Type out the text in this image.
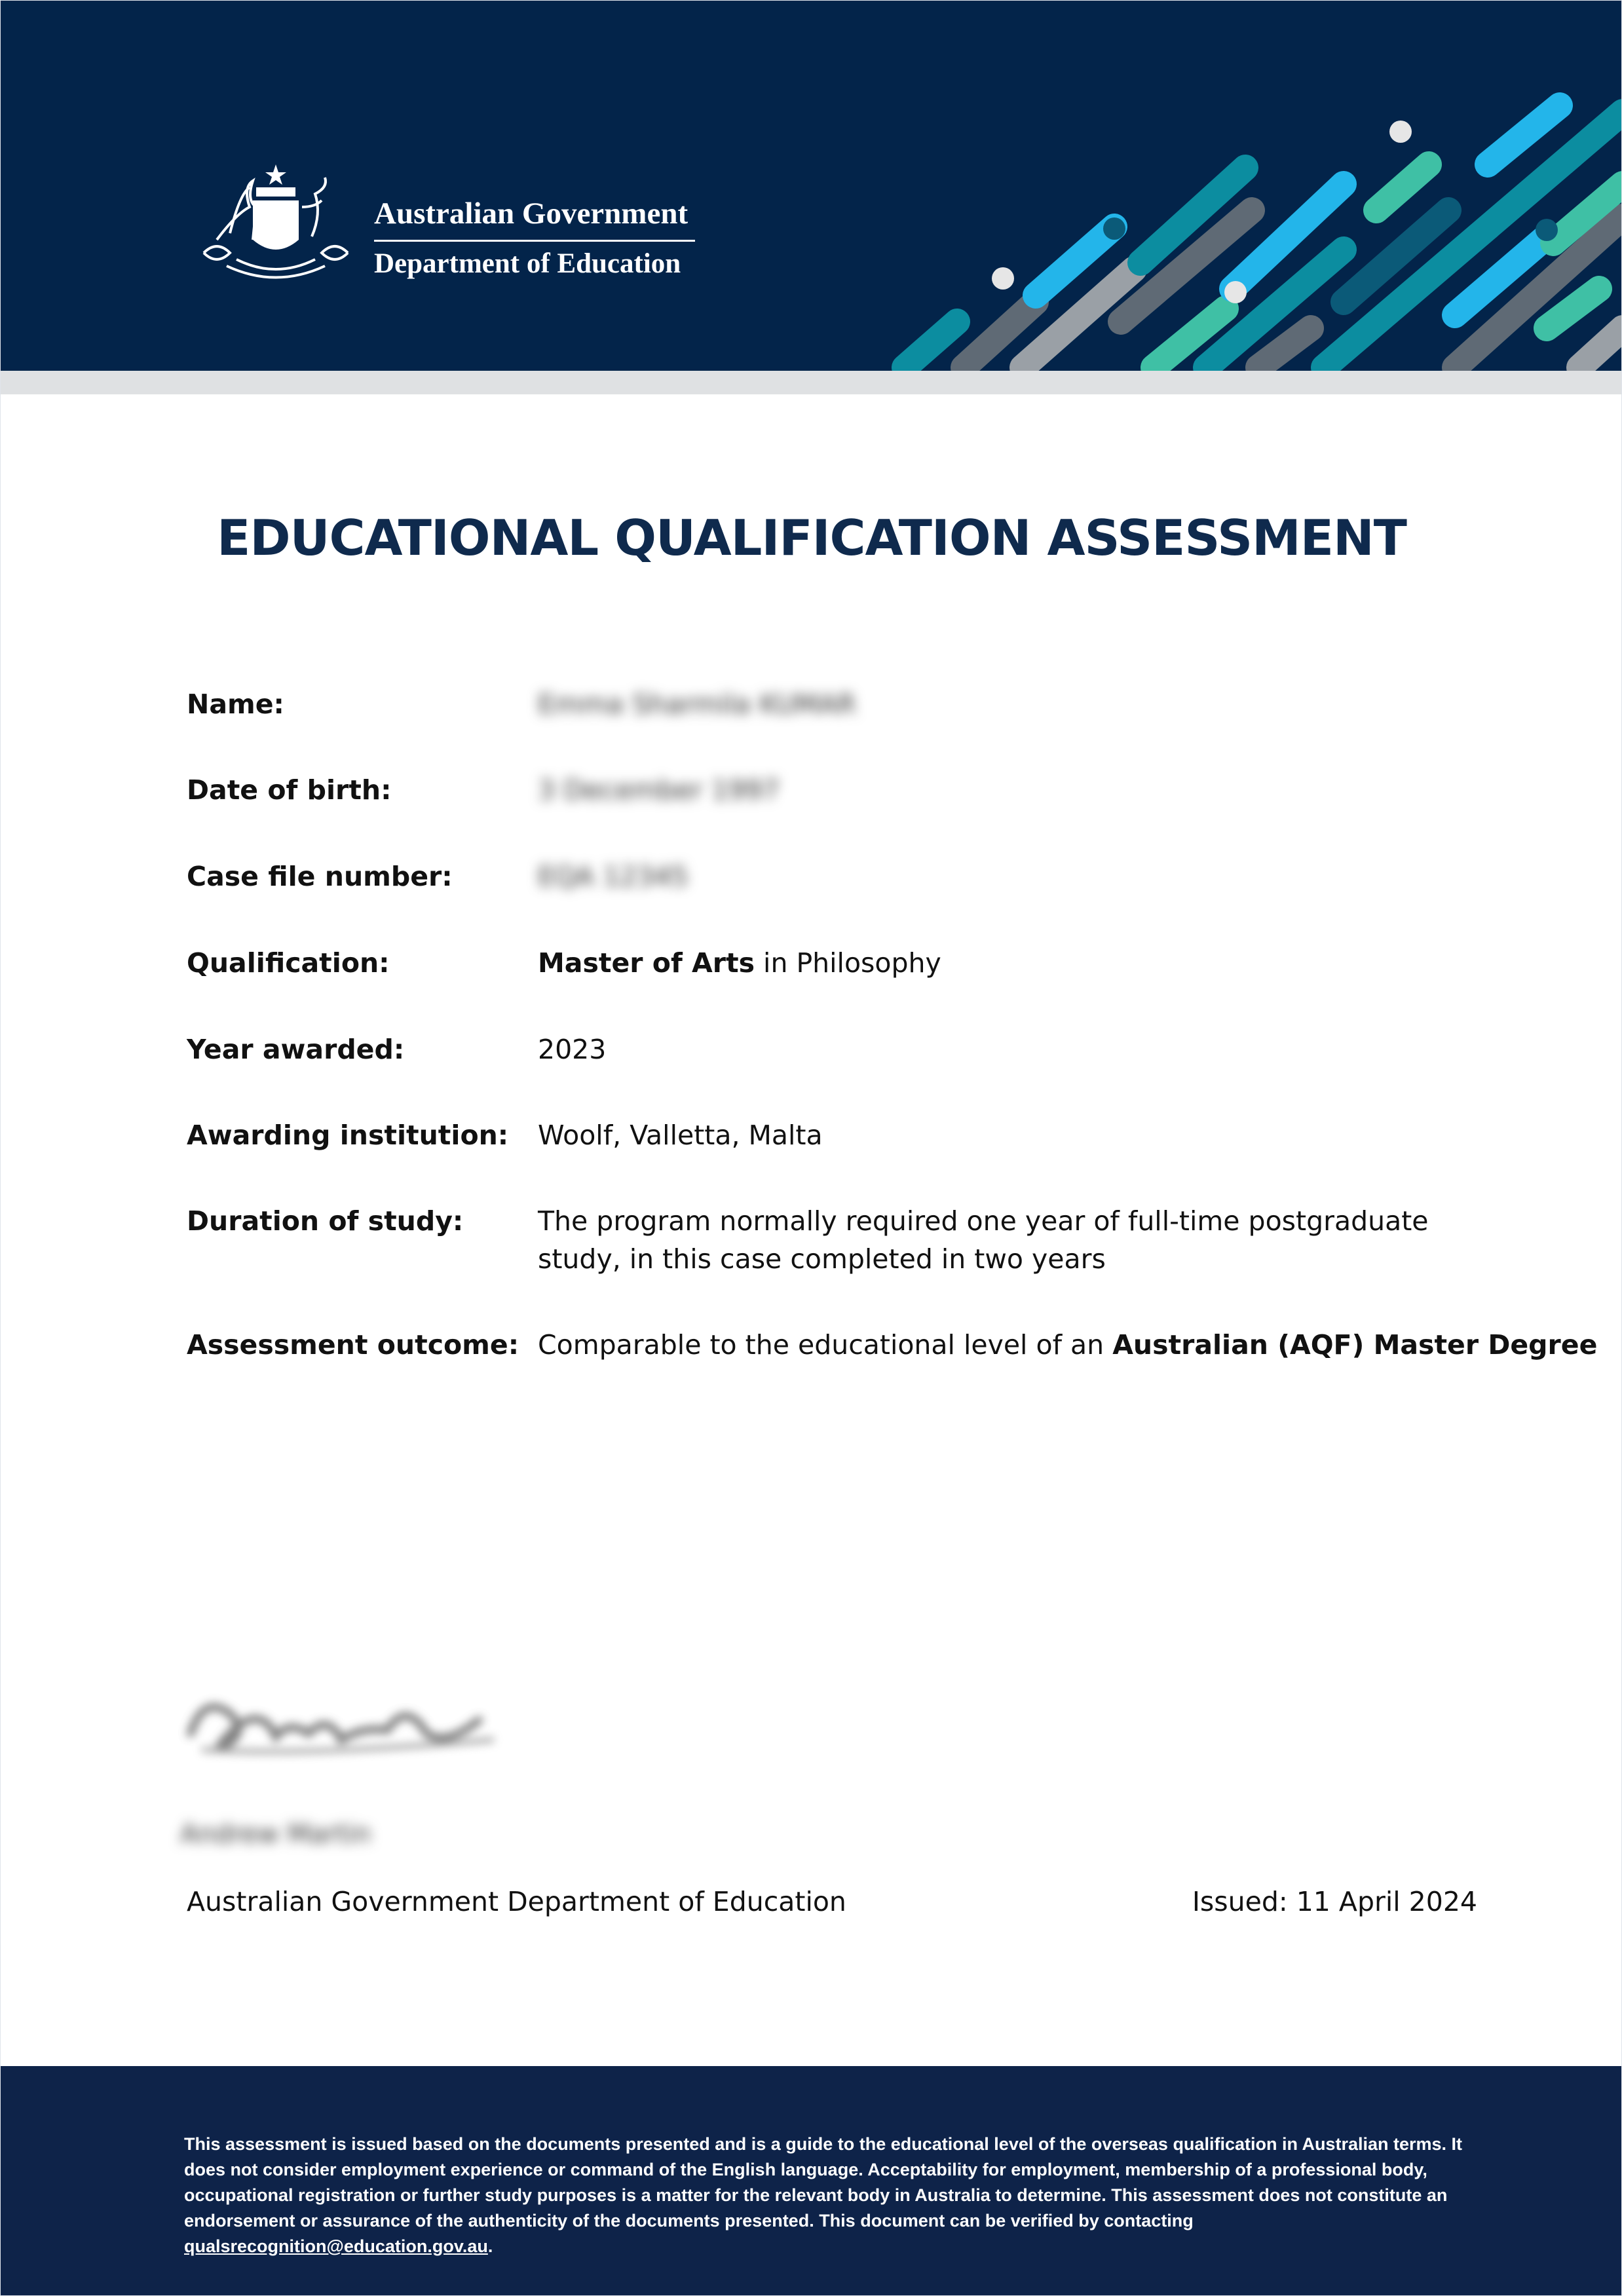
Australian Government
Department of Education
EDUCATIONAL QUALIFICATION ASSESSMENT
Name:	Emma Sharmila KUMAR
Date of birth:	3 December 1997
Case file number:	EQA 12345
Qualification:	Master of Arts in Philosophy
Year awarded:	2023
Awarding institution: Woolf, Valletta, Malta
Duration of study:	The program normally required one year of full-time postgraduate study, in this case completed in two years
Assessment outcome: Comparable to the educational level of an Australian (AQF) Master Degree
Andrew Martin
Australian Government Department of Education	Issued: 11 April 2024
This assessment is issued based on the documents presented and is a guide to the educational level of the overseas qualification in Australian terms. It does not consider employment experience or command of the English language. Acceptability for employment, membership of a professional body, occupational registration or further study purposes is a matter for the relevant body in Australia to determine. This assessment does not constitute an endorsement or assurance of the authenticity of the documents presented. This document can be verified by contacting qualsrecognition@education.gov.au.
